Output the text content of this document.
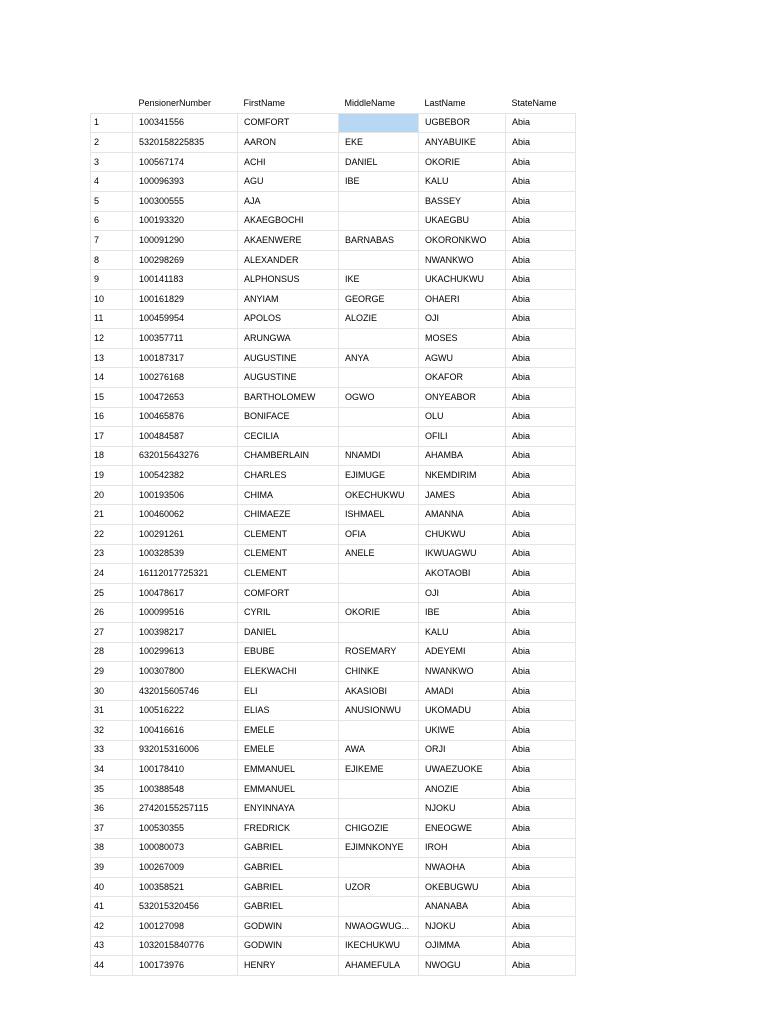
	PensionerNumber	FirstName	MiddleName	LastName	StateName
1	100341556	COMFORT		UGBEBOR	Abia
2	5320158225835	AARON	EKE	ANYABUIKE	Abia
3	100567174	ACHI	DANIEL	OKORIE	Abia
4	100096393	AGU	IBE	KALU	Abia
5	100300555	AJA		BASSEY	Abia
6	100193320	AKAEGBOCHI		UKAEGBU	Abia
7	100091290	AKAENWERE	BARNABAS	OKORONKWO	Abia
8	100298269	ALEXANDER		NWANKWO	Abia
9	100141183	ALPHONSUS	IKE	UKACHUKWU	Abia
10	100161829	ANYIAM	GEORGE	OHAERI	Abia
11	100459954	APOLOS	ALOZIE	OJI	Abia
12	100357711	ARUNGWA		MOSES	Abia
13	100187317	AUGUSTINE	ANYA	AGWU	Abia
14	100276168	AUGUSTINE		OKAFOR	Abia
15	100472653	BARTHOLOMEW	OGWO	ONYEABOR	Abia
16	100465876	BONIFACE		OLU	Abia
17	100484587	CECILIA		OFILI	Abia
18	632015643276	CHAMBERLAIN	NNAMDI	AHAMBA	Abia
19	100542382	CHARLES	EJIMUGE	NKEMDIRIM	Abia
20	100193506	CHIMA	OKECHUKWU	JAMES	Abia
21	100460062	CHIMAEZE	ISHMAEL	AMANNA	Abia
22	100291261	CLEMENT	OFIA	CHUKWU	Abia
23	100328539	CLEMENT	ANELE	IKWUAGWU	Abia
24	16112017725321	CLEMENT		AKOTAOBI	Abia
25	100478617	COMFORT		OJI	Abia
26	100099516	CYRIL	OKORIE	IBE	Abia
27	100398217	DANIEL		KALU	Abia
28	100299613	EBUBE	ROSEMARY	ADEYEMI	Abia
29	100307800	ELEKWACHI	CHINKE	NWANKWO	Abia
30	432015605746	ELI	AKASIOBI	AMADI	Abia
31	100516222	ELIAS	ANUSIONWU	UKOMADU	Abia
32	100416616	EMELE		UKIWE	Abia
33	932015316006	EMELE	AWA	ORJI	Abia
34	100178410	EMMANUEL	EJIKEME	UWAEZUOKE	Abia
35	100388548	EMMANUEL		ANOZIE	Abia
36	27420155257115	ENYINNAYA		NJOKU	Abia
37	100530355	FREDRICK	CHIGOZIE	ENEOGWE	Abia
38	100080073	GABRIEL	EJIMNKONYE	IROH	Abia
39	100267009	GABRIEL		NWAOHA	Abia
40	100358521	GABRIEL	UZOR	OKEBUGWU	Abia
41	532015320456	GABRIEL		ANANABA	Abia
42	100127098	GODWIN	NWAOGWUG...	NJOKU	Abia
43	1032015840776	GODWIN	IKECHUKWU	OJIMMA	Abia
44	100173976	HENRY	AHAMEFULA	NWOGU	Abia
